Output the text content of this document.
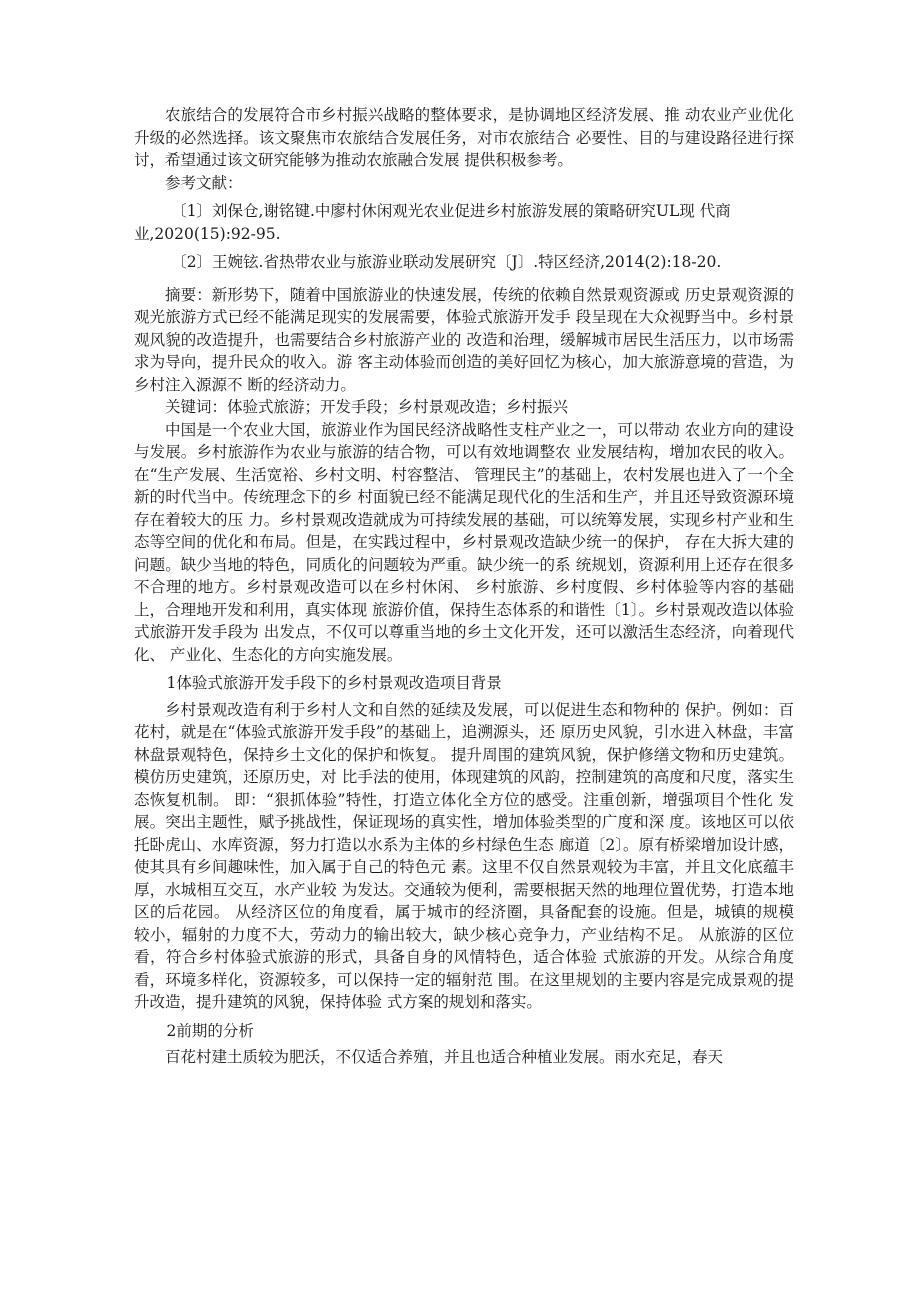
农旅结合的发展符合市乡村振兴战略的整体要求，是协调地区经济发展、推 动农业产业优化升级的必然选择。该文聚焦市农旅结合发展任务，对市农旅结合 必要性、目的与建设路径进行探讨，希望通过该文研究能够为推动农旅融合发展 提供积极参考。

参考文献：

〔1〕刘保仓,谢铭键.中廖村休闲观光农业促进乡村旅游发展的策略研究UL现 代商业,2020(15):92-95.

〔2〕王婉铉.省热带农业与旅游业联动发展研究〔J〕.特区经济,2014(2):18-20.

摘要：新形势下，随着中国旅游业的快速发展，传统的依赖自然景观资源或 历史景观资源的观光旅游方式已经不能满足现实的发展需要，体验式旅游开发手 段呈现在大众视野当中。乡村景观风貌的改造提升，也需要结合乡村旅游产业的 改造和治理，缓解城市居民生活压力，以市场需求为导向，提升民众的收入。游 客主动体验而创造的美好回忆为核心，加大旅游意境的营造，为乡村注入源源不 断的经济动力。

关键词：体验式旅游；开发手段；乡村景观改造；乡村振兴

中国是一个农业大国，旅游业作为国民经济战略性支柱产业之一，可以带动 农业方向的建设与发展。乡村旅游作为农业与旅游的结合物，可以有效地调整农 业发展结构，增加农民的收入。在“生产发展、生活宽裕、乡村文明、村容整洁、 管理民主”的基础上，农村发展也进入了一个全新的时代当中。传统理念下的乡 村面貌已经不能满足现代化的生活和生产，并且还导致资源环境存在着较大的压 力。乡村景观改造就成为可持续发展的基础，可以统筹发展，实现乡村产业和生 态等空间的优化和布局。但是，在实践过程中，乡村景观改造缺少统一的保护， 存在大拆大建的问题。缺少当地的特色，同质化的问题较为严重。缺少统一的系 统规划，资源利用上还存在很多不合理的地方。乡村景观改造可以在乡村休闲、 乡村旅游、乡村度假、乡村体验等内容的基础上，合理地开发和利用，真实体现 旅游价值，保持生态体系的和谐性〔1〕。乡村景观改造以体验式旅游开发手段为 出发点，不仅可以尊重当地的乡土文化开发，还可以激活生态经济，向着现代化、 产业化、生态化的方向实施发展。

1体验式旅游开发手段下的乡村景观改造项目背景

乡村景观改造有利于乡村人文和自然的延续及发展，可以促进生态和物种的 保护。例如：百花村，就是在“体验式旅游开发手段”的基础上，追溯源头，还 原历史风貌，引水进入林盘，丰富林盘景观特色，保持乡土文化的保护和恢复。 提升周围的建筑风貌，保护修缮文物和历史建筑。模仿历史建筑，还原历史，对 比手法的使用，体现建筑的风韵，控制建筑的高度和尺度，落实生态恢复机制。 即：“狠抓体验”特性，打造立体化全方位的感受。注重创新，增强项目个性化 发展。突出主题性，赋予挑战性，保证现场的真实性，增加体验类型的广度和深 度。该地区可以依托卧虎山、水库资源，努力打造以水系为主体的乡村绿色生态 廊道〔2〕。原有桥梁增加设计感，使其具有乡间趣味性，加入属于自己的特色元 素。这里不仅自然景观较为丰富，并且文化底蕴丰厚，水城相互交互，水产业较 为发达。交通较为便利，需要根据天然的地理位置优势，打造本地区的后花园。 从经济区位的角度看，属于城市的经济圈，具备配套的设施。但是，城镇的规模 较小，辐射的力度不大，劳动力的输出较大，缺少核心竞争力，产业结构不足。 从旅游的区位看，符合乡村体验式旅游的形式，具备自身的风情特色，适合体验 式旅游的开发。从综合角度看，环境多样化，资源较多，可以保持一定的辐射范 围。在这里规划的主要内容是完成景观的提升改造，提升建筑的风貌，保持体验 式方案的规划和落实。

2前期的分析

百花村建土质较为肥沃，不仅适合养殖，并且也适合种植业发展。雨水充足，春天
